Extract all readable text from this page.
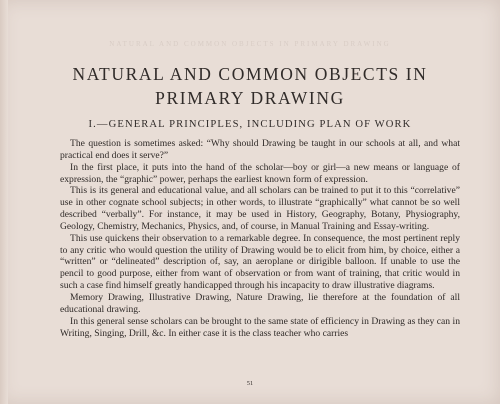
NATURAL AND COMMON OBJECTS IN PRIMARY DRAWING
NATURAL AND COMMON OBJECTS IN
PRIMARY DRAWING
I.—GENERAL PRINCIPLES, INCLUDING PLAN OF WORK

The question is sometimes asked: “Why should Drawing be taught in our schools at all, and what practical end does it serve?”

In the first place, it puts into the hand of the scholar—boy or girl—a new means or language of expression, the “graphic” power, perhaps the earliest known form of expression.

This is its general and educational value, and all scholars can be trained to put it to this “correlative” use in other cognate school subjects; in other words, to illustrate “graphically” what cannot be so well described “verbally”. For instance, it may be used in History, Geography, Botany, Physiography, Geology, Chemistry, Mechanics, Physics, and, of course, in Manual Training and Essay-writing.

This use quickens their observation to a remarkable degree. In consequence, the most pertinent reply to any critic who would question the utility of Drawing would be to elicit from him, by choice, either a “written” or “delineated” description of, say, an aeroplane or dirigible balloon. If unable to use the pencil to good purpose, either from want of observation or from want of training, that critic would in such a case find himself greatly handicapped through his incapacity to draw illustrative diagrams.

Memory Drawing, Illustrative Drawing, Nature Drawing, lie therefore at the foundation of all educational drawing.

In this general sense scholars can be brought to the same state of efficiency in Drawing as they can in Writing, Singing, Drill, &c. In either case it is the class teacher who carries

51
